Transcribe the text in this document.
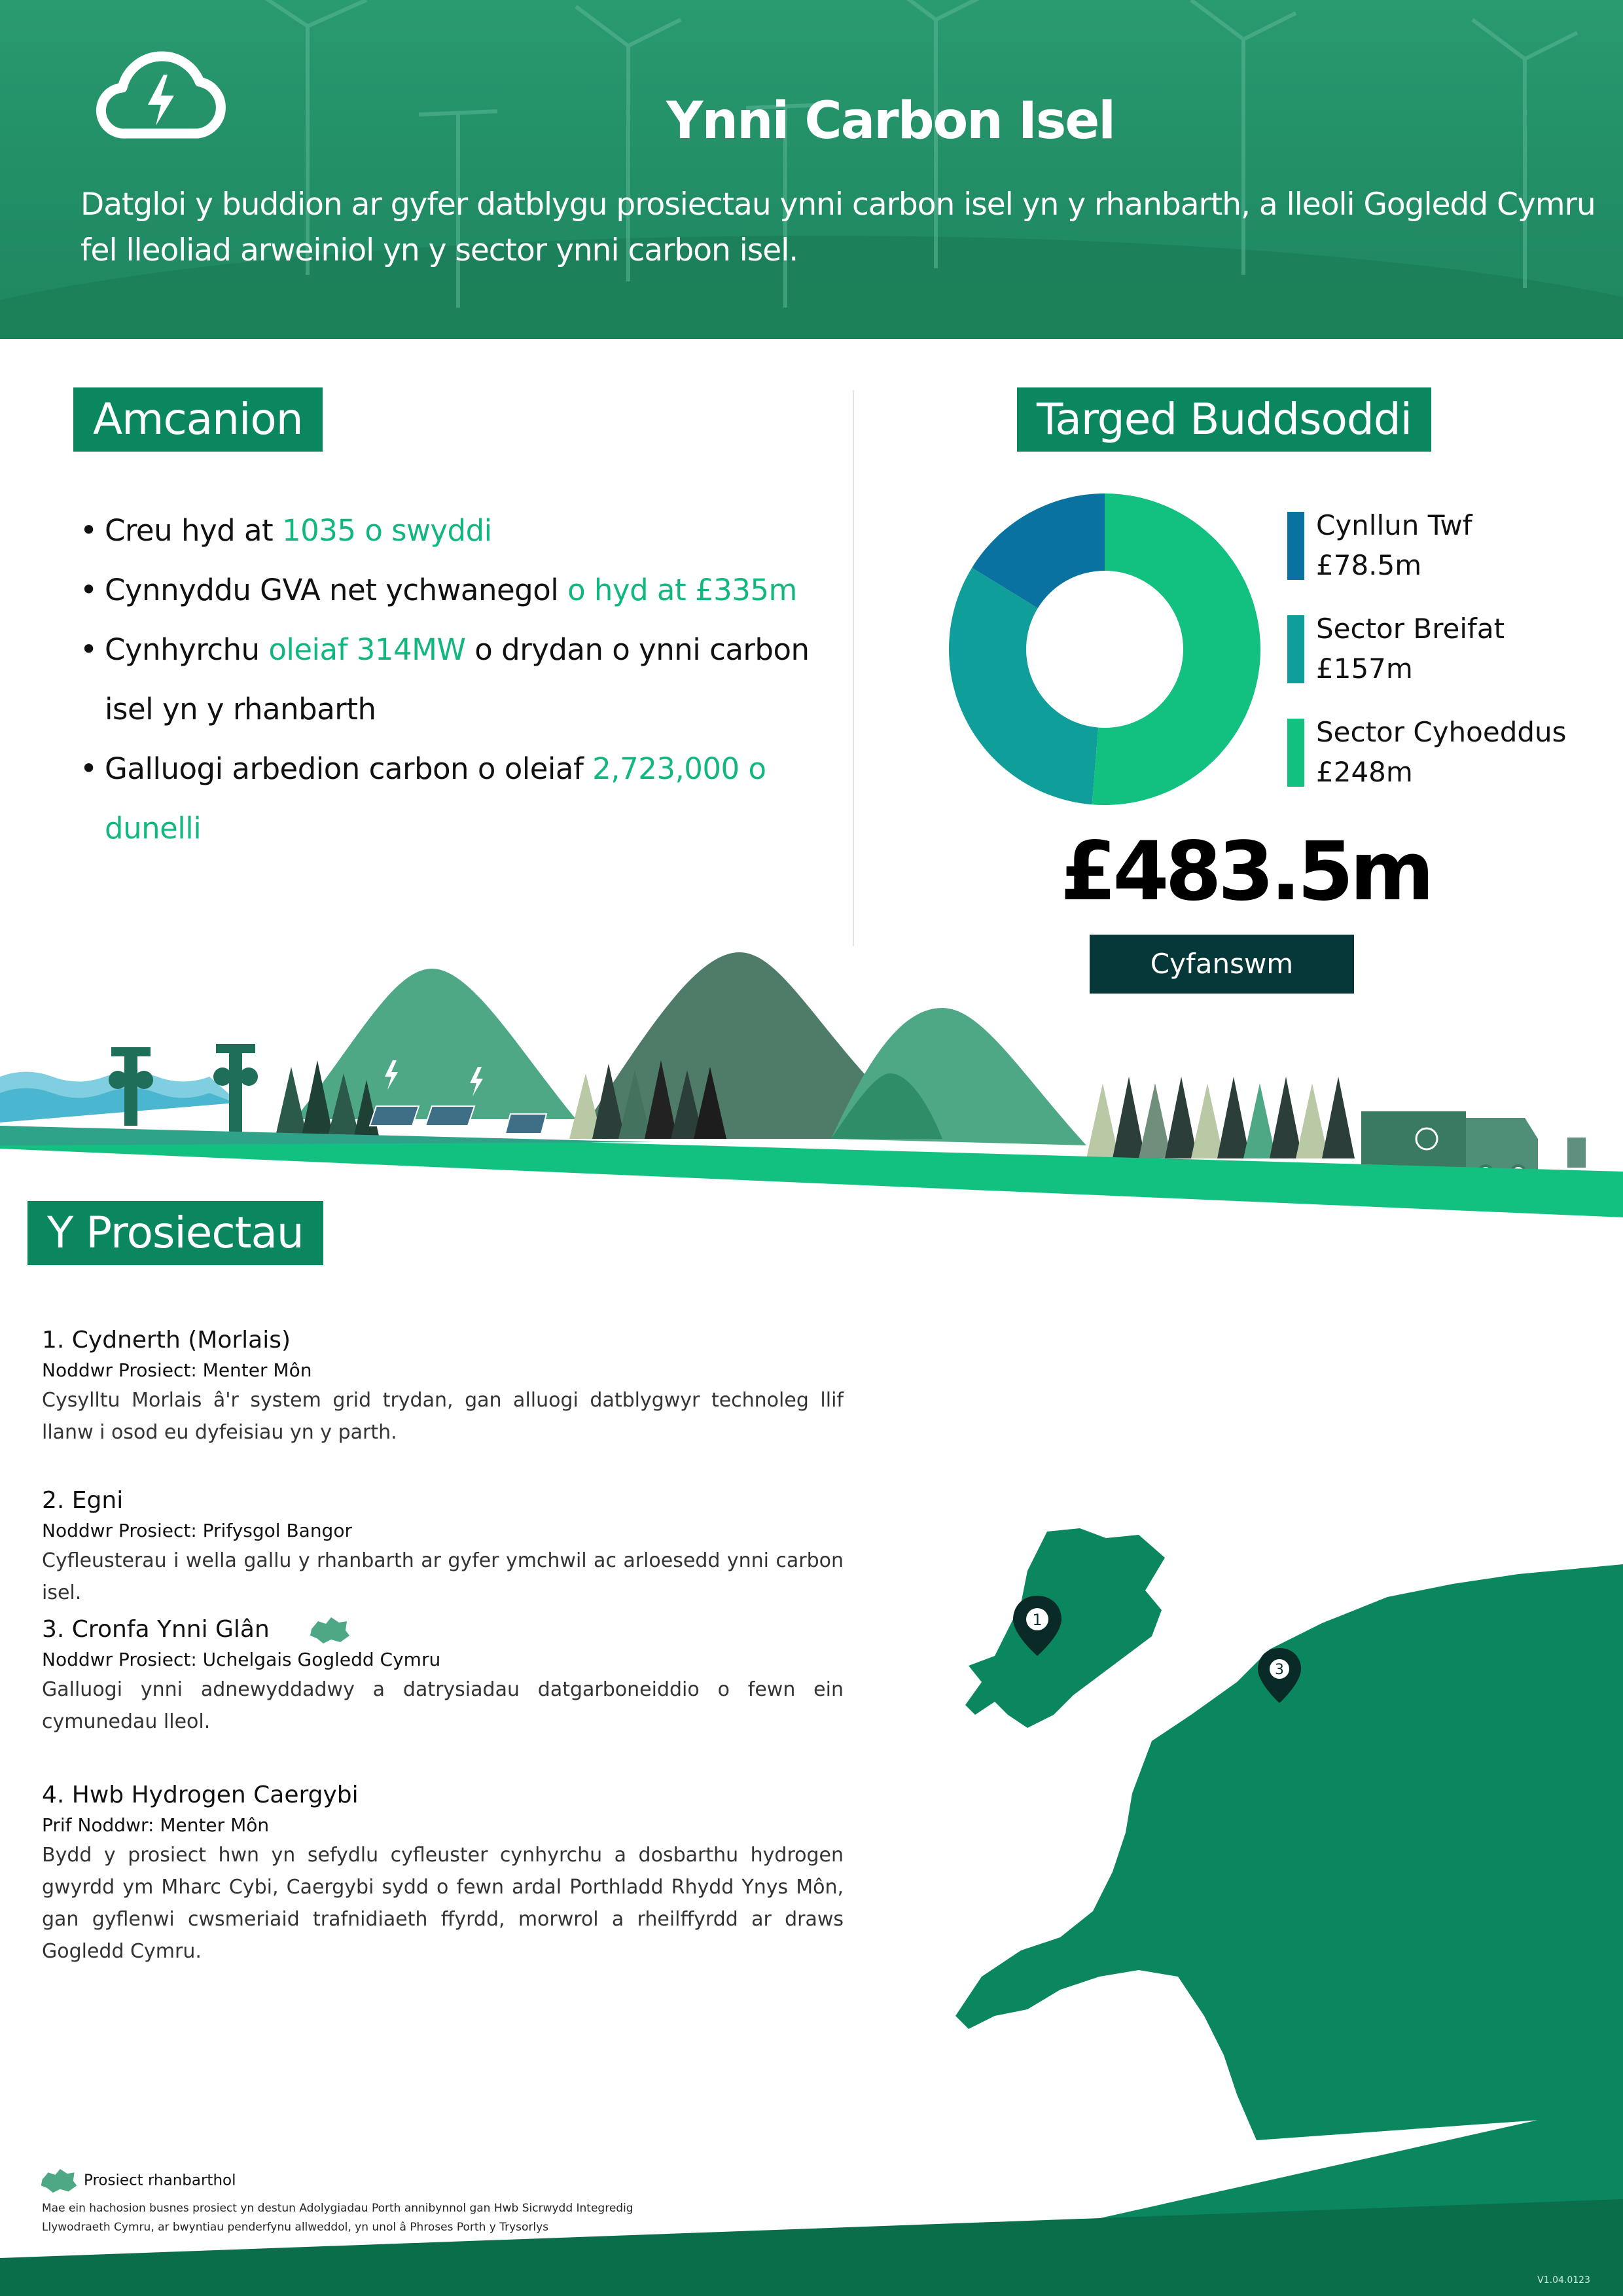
Ynni Carbon Isel
Datgloi y buddion ar gyfer datblygu prosiectau ynni carbon isel yn y rhanbarth, a lleoli Gogledd Cymru fel lleoliad arweiniol yn y sector ynni carbon isel.
Amcanion
• Creu hyd at 1035 o swyddi
• Cynnyddu GVA net ychwanegol o hyd at £335m
• Cynhyrchu oleiaf 314MW o drydan o ynni carbon isel yn y rhanbarth
• Galluogi arbedion carbon o oleiaf 2,723,000 o dunelli
Targed Buddsoddi
Cynllun Twf
£78.5m
Sector Breifat
£157m
Sector Cyhoeddus
£248m
£483.5m
Cyfanswm
Y Prosiectau
1. Cydnerth (Morlais)
Noddwr Prosiect: Menter Môn
Cysylltu Morlais â'r system grid trydan, gan alluogi datblygwyr technoleg llif llanw i osod eu dyfeisiau yn y parth.
2. Egni
Noddwr Prosiect: Prifysgol Bangor
Cyfleusterau i wella gallu y rhanbarth ar gyfer ymchwil ac arloesedd ynni carbon isel.
3. Cronfa Ynni Glân
Noddwr Prosiect: Uchelgais Gogledd Cymru
Galluogi ynni adnewyddadwy a datrysiadau datgarboneiddio o fewn ein cymunedau lleol.
4. Hwb Hydrogen Caergybi
Prif Noddwr: Menter Môn
Bydd y prosiect hwn yn sefydlu cyfleuster cynhyrchu a dosbarthu hydrogen gwyrdd ym Mharc Cybi, Caergybi sydd o fewn ardal Porthladd Rhydd Ynys Môn, gan gyflenwi cwsmeriaid trafnidiaeth ffyrdd, morwrol a rheilffyrdd ar draws Gogledd Cymru.
1
3
Prosiect rhanbarthol
Mae ein hachosion busnes prosiect yn destun Adolygiadau Porth annibynnol gan Hwb Sicrwydd Integredig
Llywodraeth Cymru, ar bwyntiau penderfynu allweddol, yn unol â Phroses Porth y Trysorlys
V1.04.0123
